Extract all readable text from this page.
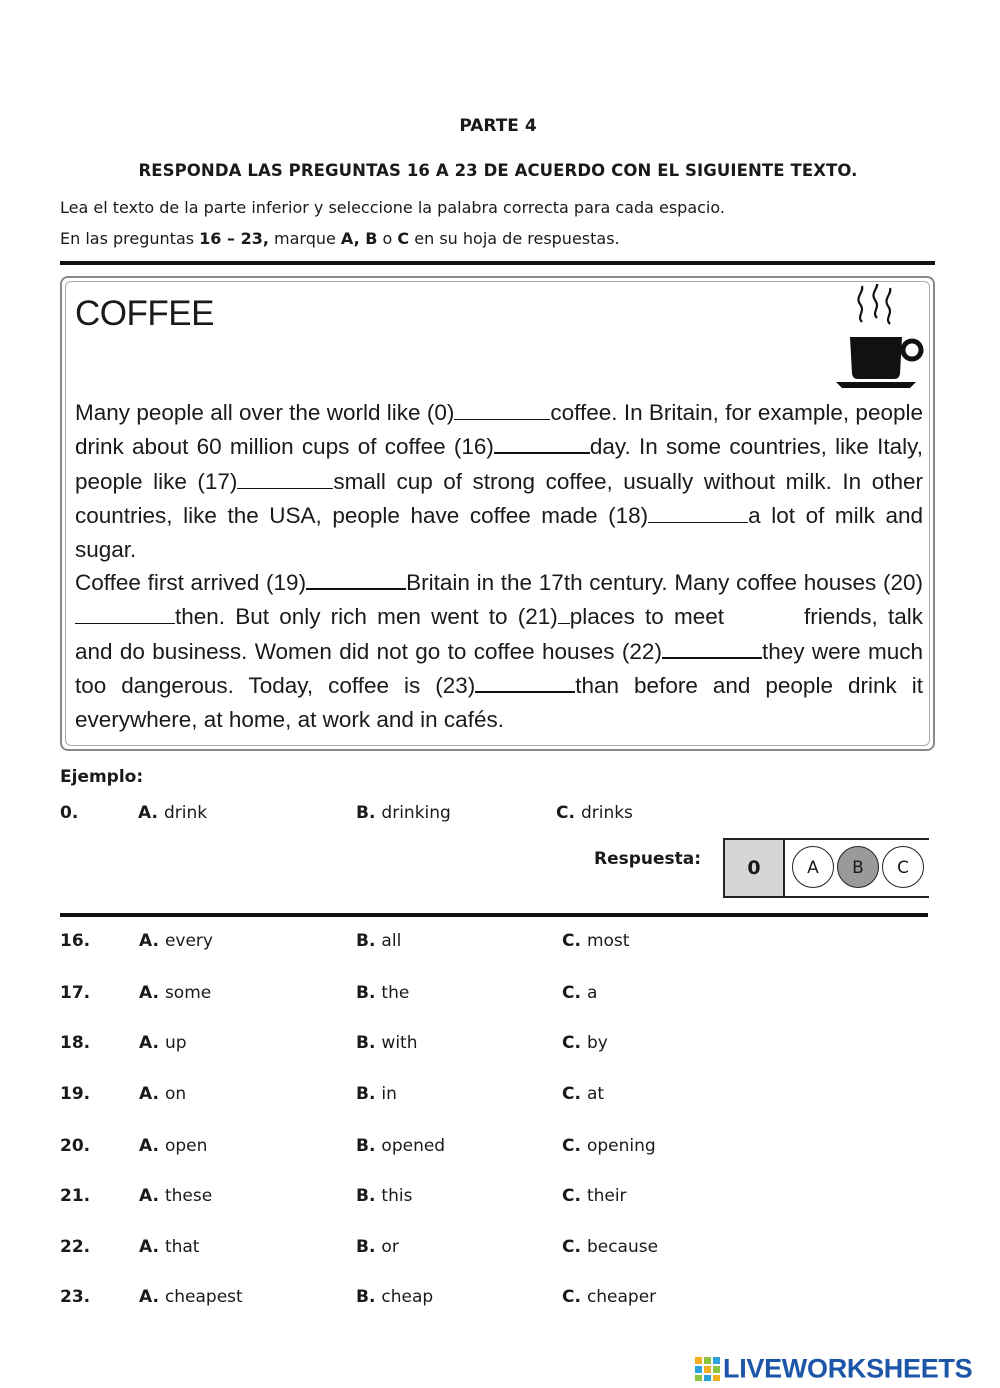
PARTE 4
RESPONDA LAS PREGUNTAS 16 A 23 DE ACUERDO CON EL SIGUIENTE TEXTO.
Lea el texto de la parte inferior y seleccione la palabra correcta para cada espacio.
En las preguntas 16 – 23, marque A, B o C en su hoja de respuestas.
COFFEE
Many people all over the world like (0)	coffee. In Britain, for example, people drink about 60 million cups of coffee (16)	day. In some countries, like Italy, people like (17)	small cup of strong coffee, usually without milk. In other countries, like the USA, people have coffee made (18)	a lot of milk and sugar.
Coffee first arrived (19)	Britain in the 17th century. Many coffee houses (20)then. But only rich men went to (21) places to meet	friends, talk and do business. Women did not go to coffee houses (22)	they were much too dangerous. Today, coffee is (23)	than before and people drink it everywhere, at home, at work and in cafés.
Ejemplo:
0.	A. drink	B. drinking	C. drinks
Respuesta:	0	A	B	C
16.	A. every	B. all	C. most
17.	A. some	B. the	C. a
18.	A. up	B. with	C. by
19.	A. on	B. in	C. at
20.	A. open	B. opened	C. opening
21.	A. these	B. this	C. their
22.	A. that	B. or	C. because
23.	A. cheapest	B. cheap	C. cheaper
LIVEWORKSHEETS
